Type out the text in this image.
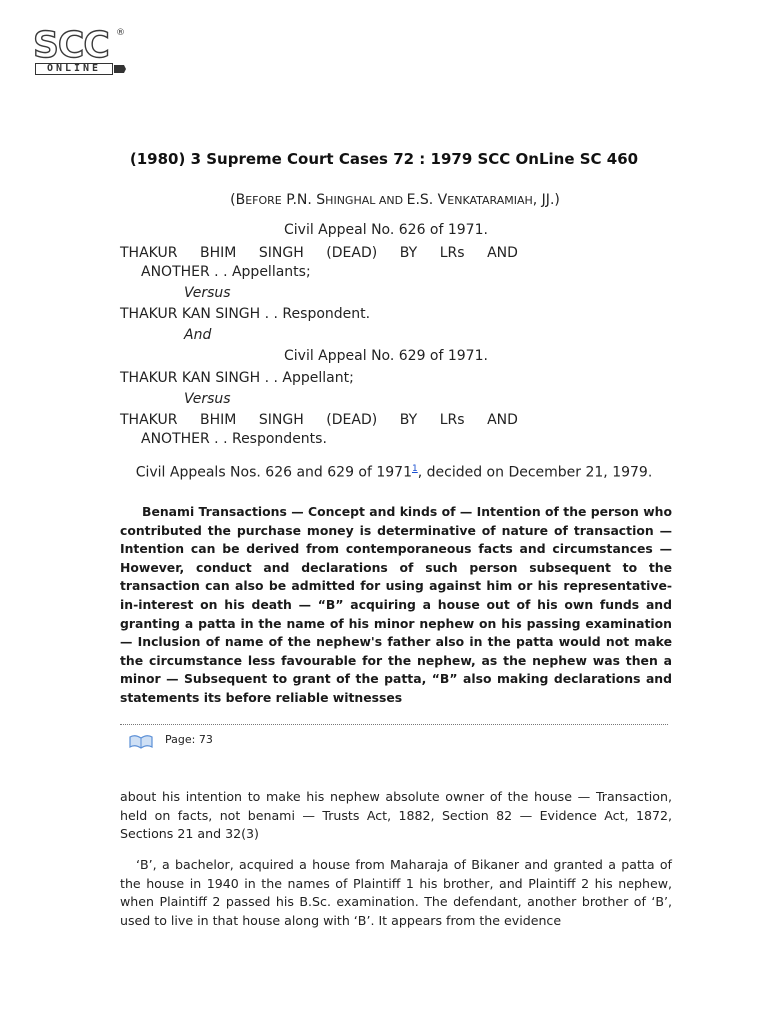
SCC ®
ONLINE
(1980) 3 Supreme Court Cases 72 : 1979 SCC OnLine SC 460
(BEFORE P.N. SHINGHAL AND E.S. VENKATARAMIAH, JJ.)
Civil Appeal No. 626 of 1971.
THAKUR BHIM SINGH (DEAD) BY LRs AND
ANOTHER . . Appellants;
Versus
THAKUR KAN SINGH . . Respondent.
And
Civil Appeal No. 629 of 1971.
THAKUR KAN SINGH . . Appellant;
Versus
THAKUR BHIM SINGH (DEAD) BY LRs AND
ANOTHER . . Respondents.
Civil Appeals Nos. 626 and 629 of 1971$^1$, decided on December 21, 1979.
Benami Transactions — Concept and kinds of — Intention of the person who contributed the purchase money is determinative of nature of transaction — Intention can be derived from contemporaneous facts and circumstances — However, conduct and declarations of such person subsequent to the transaction can also be admitted for using against him or his representative-in-interest on his death — “B” acquiring a house out of his own funds and granting a patta in the name of his minor nephew on his passing examination — Inclusion of name of the nephew's father also in the patta would not make the circumstance less favourable for the nephew, as the nephew was then a minor — Subsequent to grant of the patta, “B” also making declarations and statements its before reliable witnesses
Page: 73
about his intention to make his nephew absolute owner of the house — Transaction, held on facts, not benami — Trusts Act, 1882, Section 82 — Evidence Act, 1872, Sections 21 and 32(3)
‘B’, a bachelor, acquired a house from Maharaja of Bikaner and granted a patta of the house in 1940 in the names of Plaintiff 1 his brother, and Plaintiff 2 his nephew, when Plaintiff 2 passed his B.Sc. examination. The defendant, another brother of ‘B’, used to live in that house along with ‘B’. It appears from the evidence
